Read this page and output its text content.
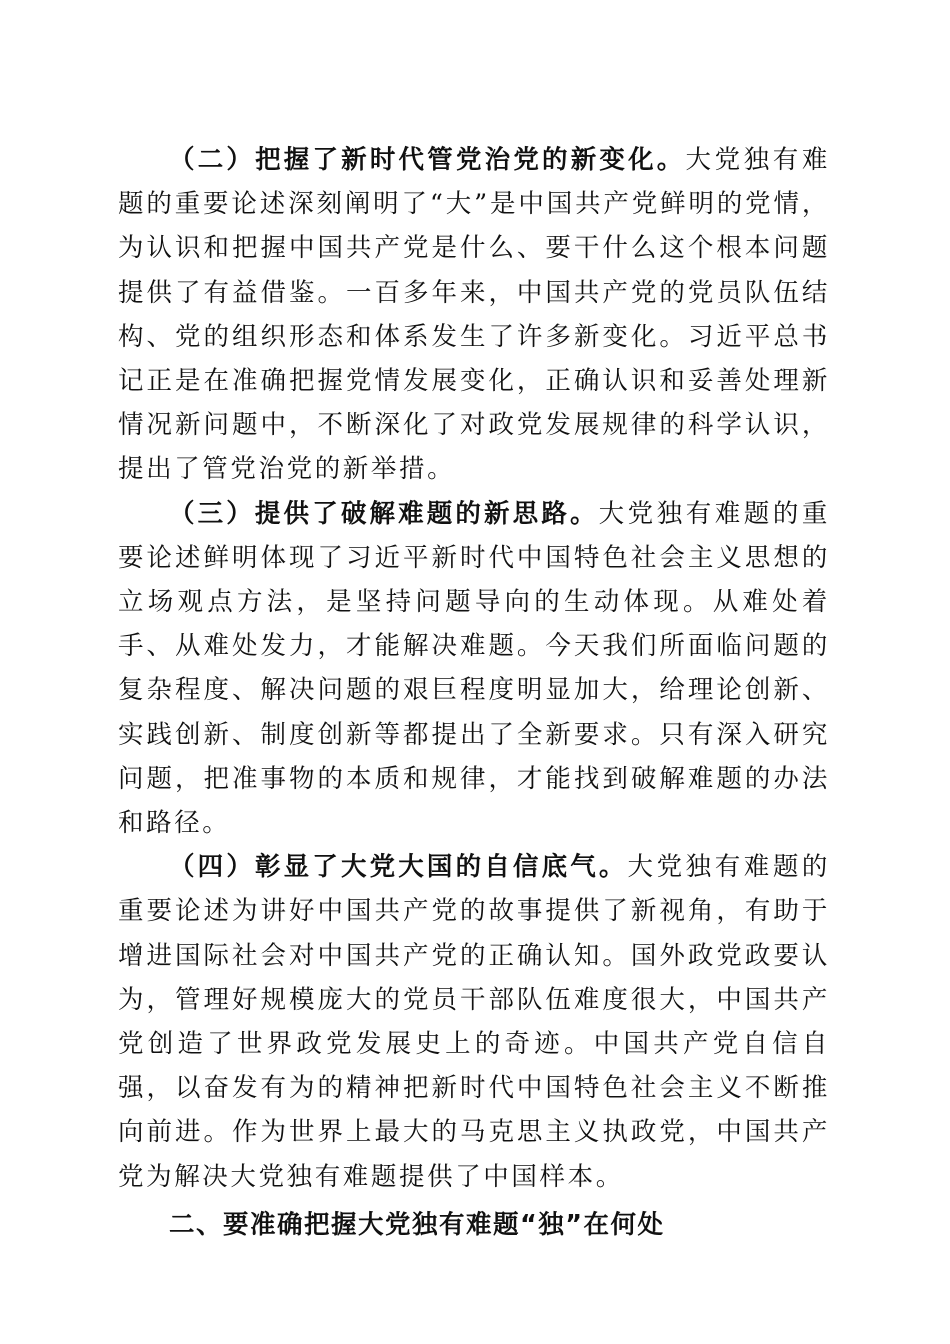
（二）把握了新时代管党治党的新变化。大党独有难题的重要论述深刻阐明了“大”是中国共产党鲜明的党情，为认识和把握中国共产党是什么、要干什么这个根本问题提供了有益借鉴。一百多年来，中国共产党的党员队伍结构、党的组织形态和体系发生了许多新变化。习近平总书记正是在准确把握党情发展变化，正确认识和妥善处理新情况新问题中，不断深化了对政党发展规律的科学认识，提出了管党治党的新举措。

（三）提供了破解难题的新思路。大党独有难题的重要论述鲜明体现了习近平新时代中国特色社会主义思想的立场观点方法，是坚持问题导向的生动体现。从难处着手、从难处发力，才能解决难题。今天我们所面临问题的复杂程度、解决问题的艰巨程度明显加大，给理论创新、实践创新、制度创新等都提出了全新要求。只有深入研究问题，把准事物的本质和规律，才能找到破解难题的办法和路径。

（四）彰显了大党大国的自信底气。大党独有难题的重要论述为讲好中国共产党的故事提供了新视角，有助于增进国际社会对中国共产党的正确认知。国外政党政要认为，管理好规模庞大的党员干部队伍难度很大，中国共产党创造了世界政党发展史上的奇迹。中国共产党自信自强，以奋发有为的精神把新时代中国特色社会主义不断推向前进。作为世界上最大的马克思主义执政党，中国共产党为解决大党独有难题提供了中国样本。

二、要准确把握大党独有难题“独”在何处
